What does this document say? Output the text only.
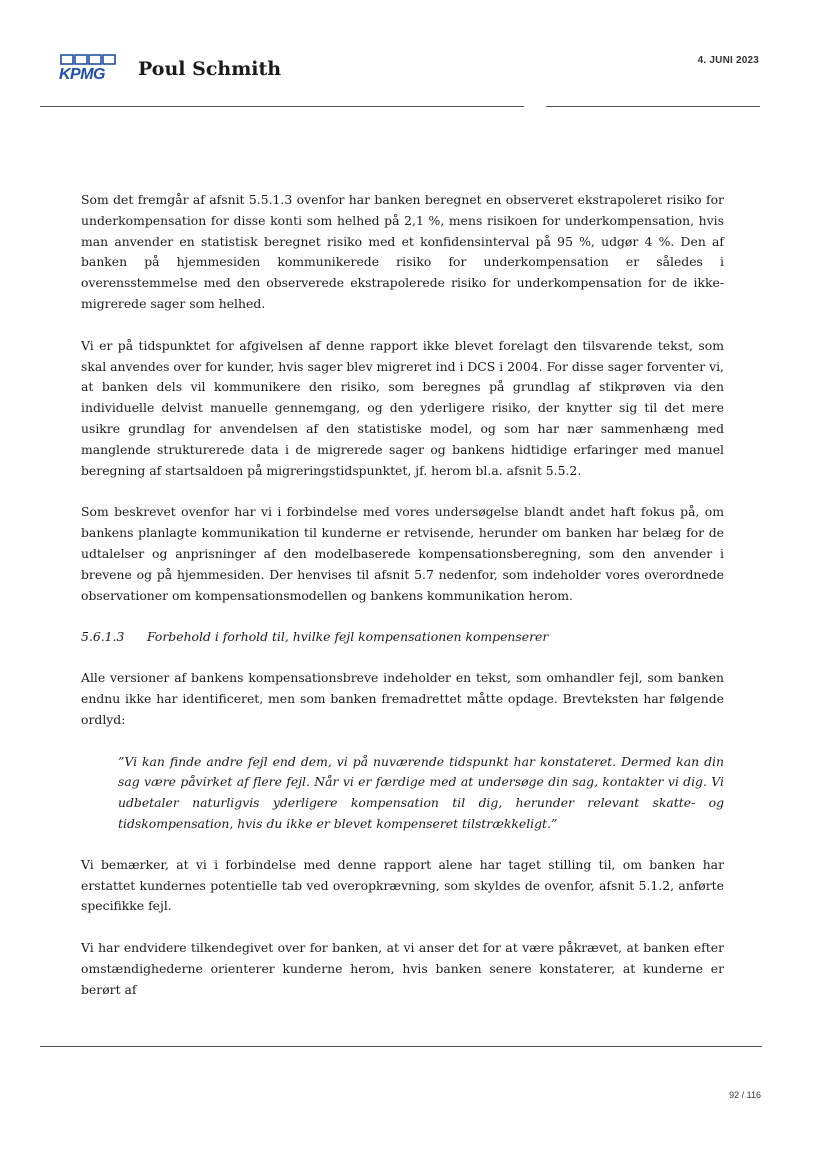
KPMG Poul Schmith	4. JUNI 2023

Som det fremgår af afsnit 5.5.1.3 ovenfor har banken beregnet en observeret ekstrapoleret risiko for underkompensation for disse konti som helhed på 2,1 %, mens risikoen for underkompensation, hvis man anvender en statistisk beregnet risiko med et konfidensinterval på 95 %, udgør 4 %. Den af banken på hjemmesiden kommunikerede risiko for underkompensation er således i overensstemmelse med den observerede ekstrapolerede risiko for underkompensation for de ikke-migrerede sager som helhed.

Vi er på tidspunktet for afgivelsen af denne rapport ikke blevet forelagt den tilsvarende tekst, som skal anvendes over for kunder, hvis sager blev migreret ind i DCS i 2004. For disse sager forventer vi, at banken dels vil kommunikere den risiko, som beregnes på grundlag af stikprøven via den individuelle delvist manuelle gennemgang, og den yderligere risiko, der knytter sig til det mere usikre grundlag for anvendelsen af den statistiske model, og som har nær sammenhæng med manglende strukturerede data i de migrerede sager og bankens hidtidige erfaringer med manuel beregning af startsaldoen på migreringstidspunktet, jf. herom bl.a. afsnit 5.5.2.

Som beskrevet ovenfor har vi i forbindelse med vores undersøgelse blandt andet haft fokus på, om bankens planlagte kommunikation til kunderne er retvisende, herunder om banken har belæg for de udtalelser og anprisninger af den modelbaserede kompensationsberegning, som den anvender i brevene og på hjemmesiden. Der henvises til afsnit 5.7 nedenfor, som indeholder vores overordnede observationer om kompensationsmodellen og bankens kommunikation herom.

5.6.1.3 Forbehold i forhold til, hvilke fejl kompensationen kompenserer

Alle versioner af bankens kompensationsbreve indeholder en tekst, som omhandler fejl, som banken endnu ikke har identificeret, men som banken fremadrettet måtte opdage. Brevteksten har følgende ordlyd:

”Vi kan finde andre fejl end dem, vi på nuværende tidspunkt har konstateret. Dermed kan din sag være påvirket af flere fejl. Når vi er færdige med at undersøge din sag, kontakter vi dig. Vi udbetaler naturligvis yderligere kompensation til dig, herunder relevant skatte- og tidskompensation, hvis du ikke er blevet kompenseret tilstrækkeligt.”

Vi bemærker, at vi i forbindelse med denne rapport alene har taget stilling til, om banken har erstattet kundernes potentielle tab ved overopkrævning, som skyldes de ovenfor, afsnit 5.1.2, anførte specifikke fejl.

Vi har endvidere tilkendegivet over for banken, at vi anser det for at være påkrævet, at banken efter omstændighederne orienterer kunderne herom, hvis banken senere konstaterer, at kunderne er berørt af

92 / 116
